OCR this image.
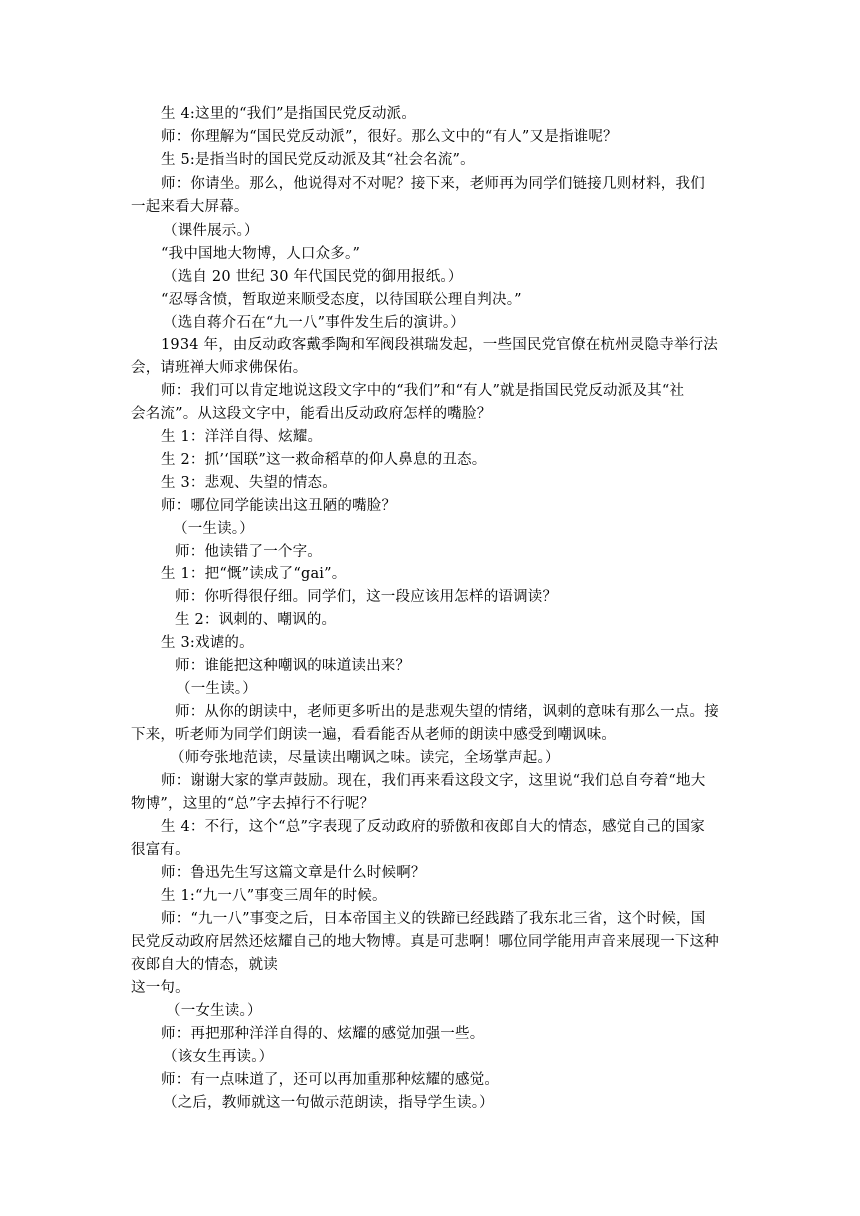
生 4:这里的“我们”是指国民党反动派。
师：你理解为“国民党反动派”，很好。那么文中的“有人”又是指谁呢？
生 5:是指当时的国民党反动派及其“社会名流”。
师：你请坐。那么，他说得对不对呢？接下来，老师再为同学们链接几则材料，我们
一起来看大屏幕。
（课件展示。）
“我中国地大物博，人口众多。”
（选自 20 世纪 30 年代国民党的御用报纸。）
“忍辱含愤，暂取逆来顺受态度，以待国联公理自判决。”
（选自蒋介石在“九一八”事件发生后的演讲。）
1934 年，由反动政客戴季陶和军阀段祺瑞发起，一些国民党官僚在杭州灵隐寺举行法
会，请班禅大师求佛保佑。
师：我们可以肯定地说这段文字中的“我们”和“有人”就是指国民党反动派及其“社
会名流”。从这段文字中，能看出反动政府怎样的嘴脸？
生 1：洋洋自得、炫耀。
生 2：抓’‘国联”这一救命稻草的仰人鼻息的丑态。
生 3：悲观、失望的情态。
师：哪位同学能读出这丑陋的嘴脸？
（一生读。）
师：他读错了一个字。
生 1：把“慨”读成了“gai”。
师：你听得很仔细。同学们，这一段应该用怎样的语调读？
生 2：讽刺的、嘲讽的。
生 3:戏谑的。
师：谁能把这种嘲讽的味道读出来？
（一生读。）
师：从你的朗读中，老师更多听出的是悲观失望的情绪，讽刺的意味有那么一点。接
下来，听老师为同学们朗读一遍，看看能否从老师的朗读中感受到嘲讽味。
（师夸张地范读，尽量读出嘲讽之味。读完，全场掌声起。）
师：谢谢大家的掌声鼓励。现在，我们再来看这段文字，这里说“我们总自夸着“地大
物博”，这里的“总”字去掉行不行呢？
生 4：不行，这个“总”字表现了反动政府的骄傲和夜郎自大的情态，感觉自己的国家
很富有。
师：鲁迅先生写这篇文章是什么时候啊？
生 1:“九一八”事变三周年的时候。
师：“九一八”事变之后，日本帝国主义的铁蹄已经践踏了我东北三省，这个时候，国
民党反动政府居然还炫耀自己的地大物博。真是可悲啊！哪位同学能用声音来展现一下这种
夜郎自大的情态，就读
这一句。
（一女生读。）
师：再把那种洋洋自得的、炫耀的感觉加强一些。
（该女生再读。）
师：有一点味道了，还可以再加重那种炫耀的感觉。
（之后，教师就这一句做示范朗读，指导学生读。）
